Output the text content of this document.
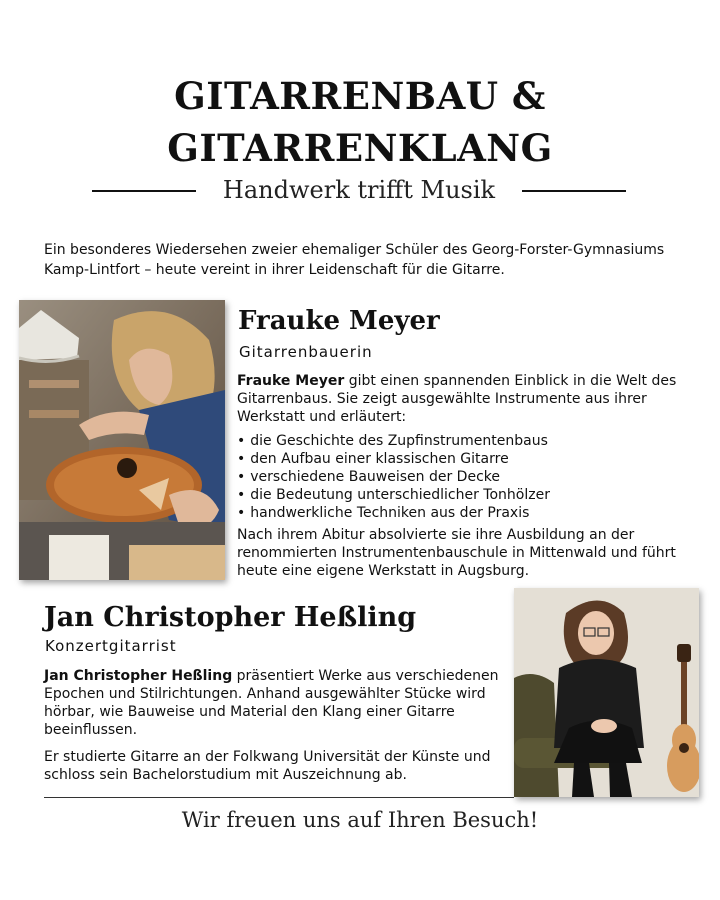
GITARRENBAU &
GITARRENKLANG
Handwerk trifft Musik

Ein besonderes Wiedersehen zweier ehemaliger Schüler des Georg-Forster-Gymnasiums Kamp-Lintfort – heute vereint in ihrer Leidenschaft für die Gitarre.

Frauke Meyer
Gitarrenbauerin

Frauke Meyer gibt einen spannenden Einblick in die Welt des Gitarrenbaus. Sie zeigt ausgewählte Instrumente aus ihrer Werkstatt und erläutert:

• die Geschichte des Zupfinstrumentenbaus
• den Aufbau einer klassischen Gitarre
• verschiedene Bauweisen der Decke
• die Bedeutung unterschiedlicher Tonhölzer
• handwerkliche Techniken aus der Praxis

Nach ihrem Abitur absolvierte sie ihre Ausbildung an der renommierten Instrumentenbauschule in Mittenwald und führt heute eine eigene Werkstatt in Augsburg.

Jan Christopher Heßling
Konzertgitarrist

Jan Christopher Heßling präsentiert Werke aus verschiedenen Epochen und Stilrichtungen. Anhand ausgewählter Stücke wird hörbar, wie Bauweise und Material den Klang einer Gitarre beeinflussen.

Er studierte Gitarre an der Folkwang Universität der Künste und schloss sein Bachelorstudium mit Auszeichnung ab.

Wir freuen uns auf Ihren Besuch!
